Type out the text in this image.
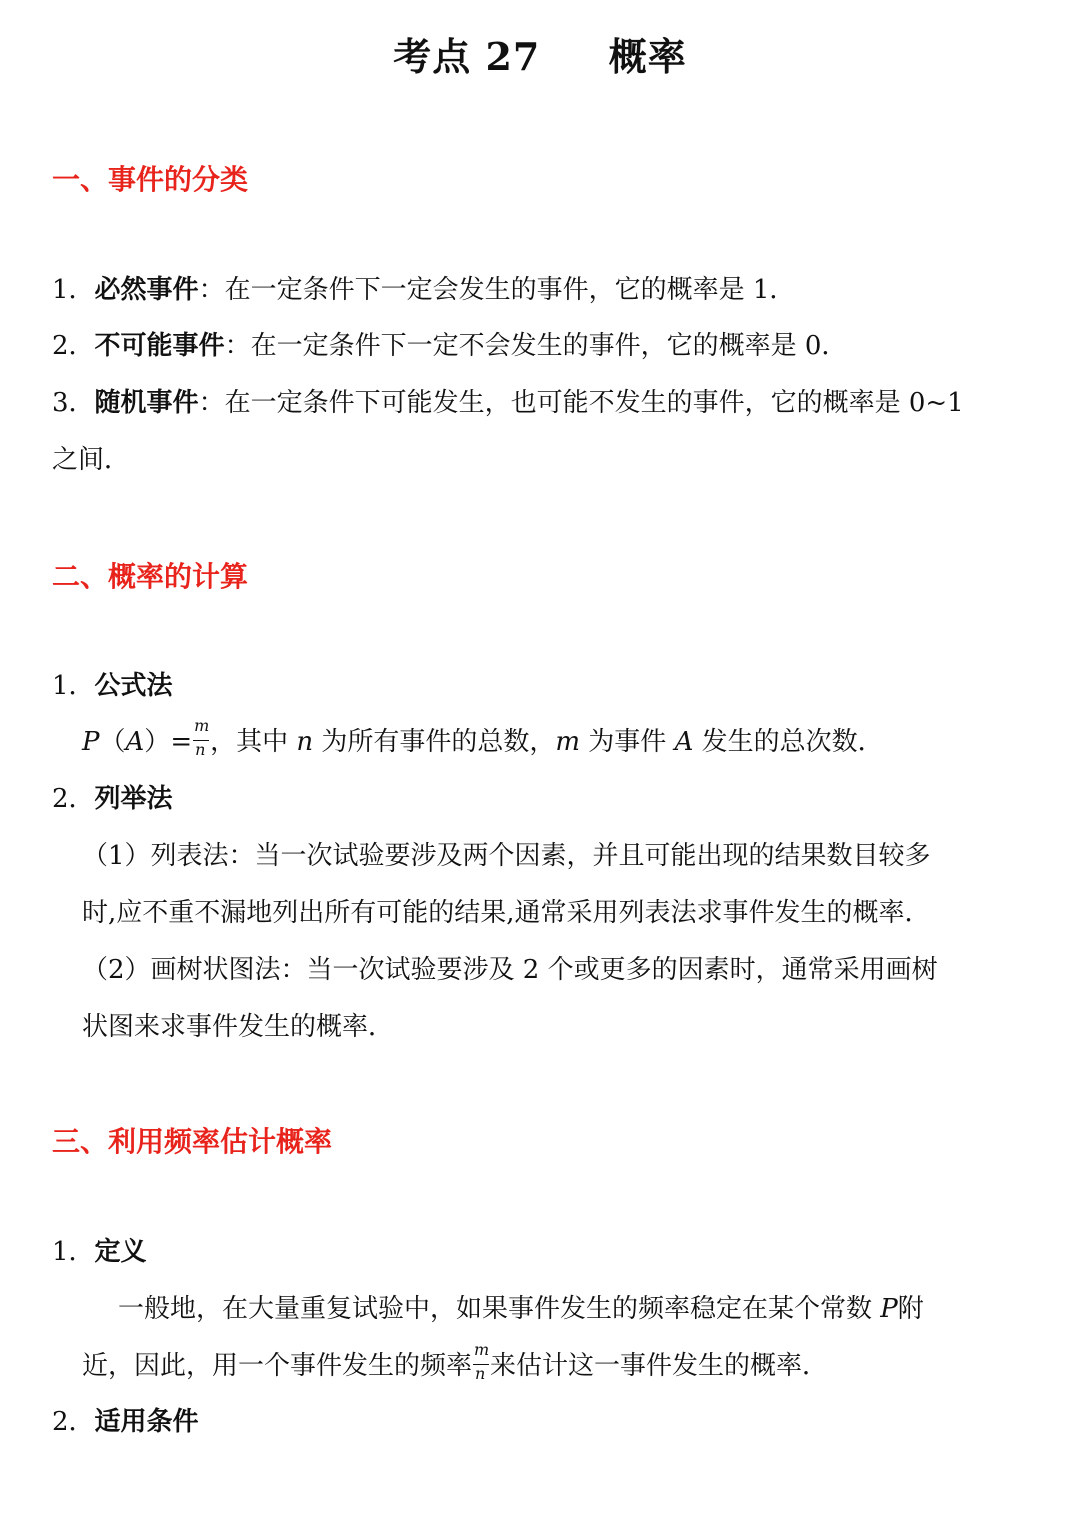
考点 27 概率
一、事件的分类
1．必然事件：在一定条件下一定会发生的事件，它的概率是 1．
2．不可能事件：在一定条件下一定不会发生的事件，它的概率是 0．
3．随机事件：在一定条件下可能发生，也可能不发生的事件，它的概率是 0~1
之间．
二、概率的计算
1．公式法
$P(A)= \frac{m}{n}$ ，其中 n 为所有事件的总数，m 为事件 A 发生的总次数．
2．列举法
（1）列表法：当一次试验要涉及两个因素，并且可能出现的结果数目较多
时,应不重不漏地列出所有可能的结果,通常采用列表法求事件发生的概率．
（2）画树状图法：当一次试验要涉及 2 个或更多的因素时，通常采用画树
状图来求事件发生的概率．
三、利用频率估计概率
1．定义
一般地，在大量重复试验中，如果事件发生的频率稳定在某个常数 P附
近，因此，用一个事件发生的频率 $\frac{m}{n}$ 来估计这一事件发生的概率．
2．适用条件
